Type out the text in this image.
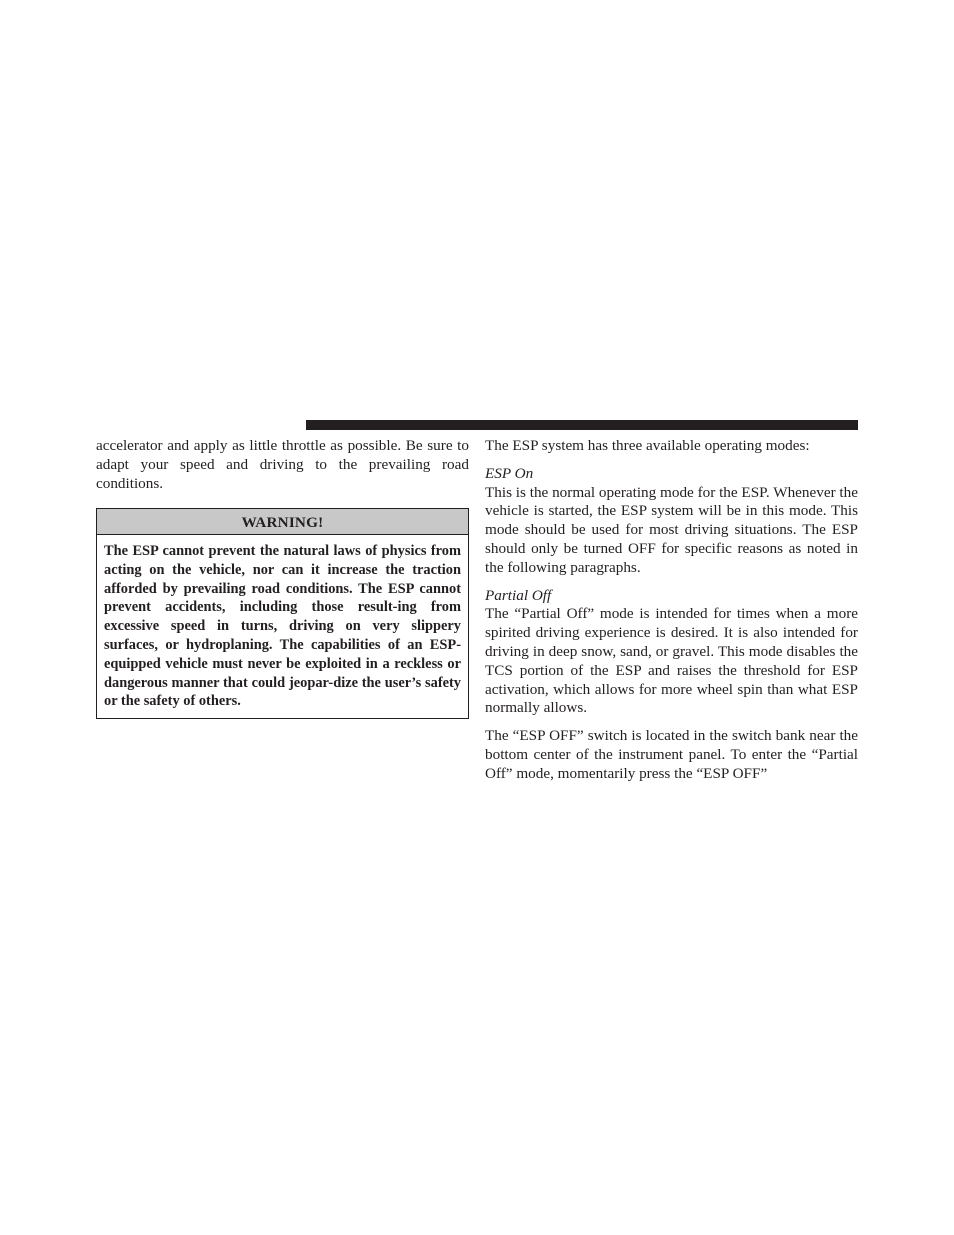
accelerator and apply as little throttle as possible. Be sure to adapt your speed and driving to the prevailing road conditions.

WARNING!
The ESP cannot prevent the natural laws of physics from acting on the vehicle, nor can it increase the traction afforded by prevailing road conditions. The ESP cannot prevent accidents, including those result-ing from excessive speed in turns, driving on very slippery surfaces, or hydroplaning. The capabilities of an ESP-equipped vehicle must never be exploited in a reckless or dangerous manner that could jeopar-dize the user’s safety or the safety of others.

The ESP system has three available operating modes:

ESP On

This is the normal operating mode for the ESP. Whenever the vehicle is started, the ESP system will be in this mode. This mode should be used for most driving situations. The ESP should only be turned OFF for specific reasons as noted in the following paragraphs.

Partial Off

The “Partial Off” mode is intended for times when a more spirited driving experience is desired. It is also intended for driving in deep snow, sand, or gravel. This mode disables the TCS portion of the ESP and raises the threshold for ESP activation, which allows for more wheel spin than what ESP normally allows.

The “ESP OFF” switch is located in the switch bank near the bottom center of the instrument panel. To enter the “Partial Off” mode, momentarily press the “ESP OFF”
